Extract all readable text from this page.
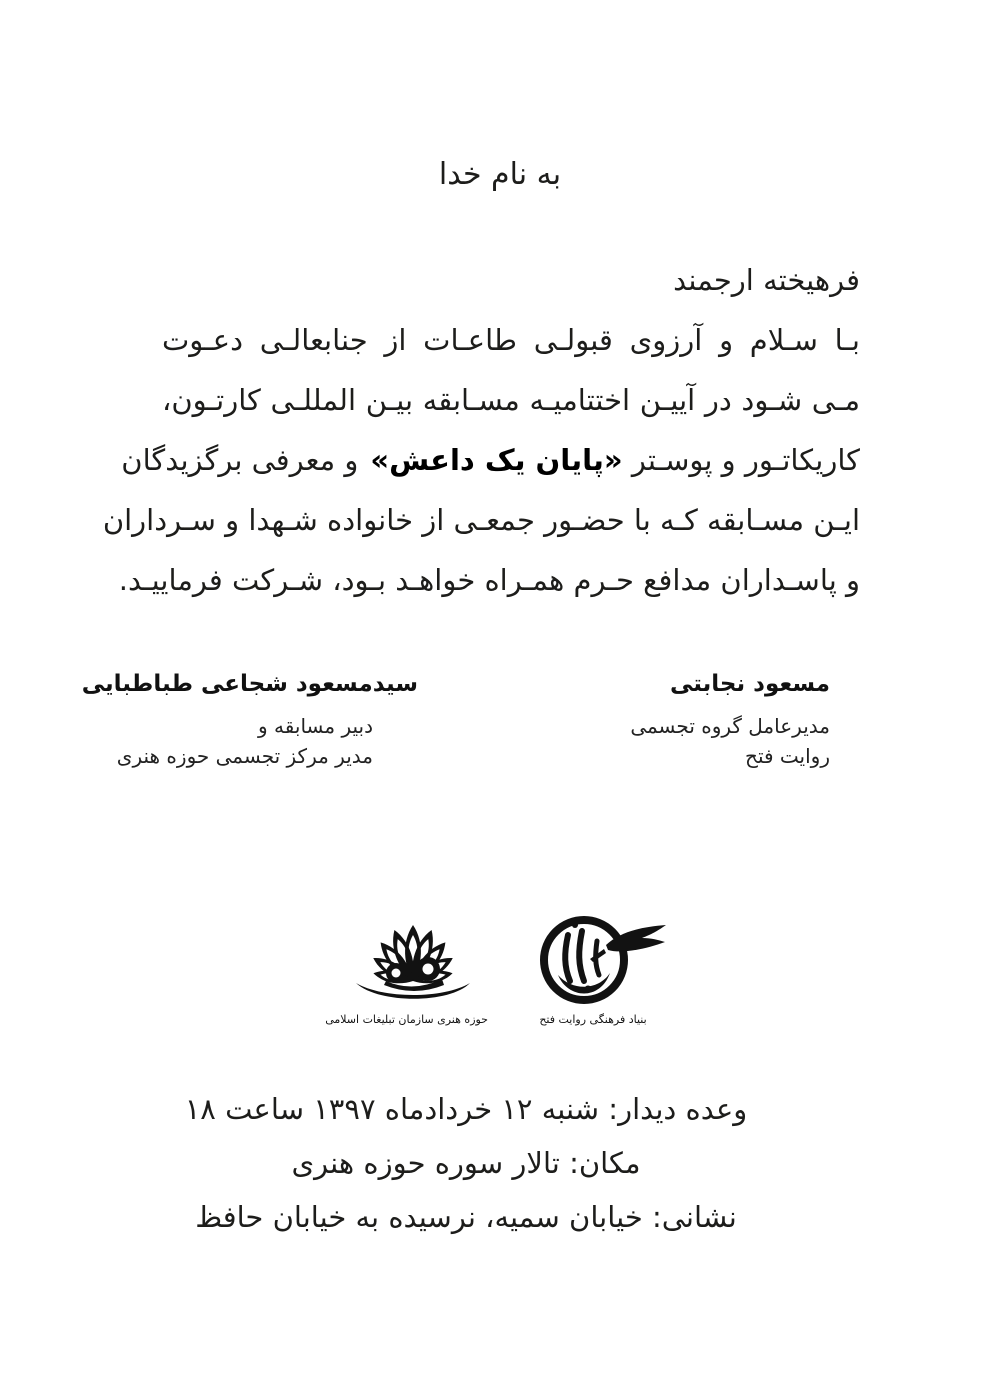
به نام خدا
فرهیخته ارجمند
بـا سـلام و آرزوی قبولـی طاعـات از جنابعالـی دعـوت
مـی شـود در آییـن اختتامیـه مسـابقه بیـن المللـی کارتـون،
کاریکاتـور و پوسـتر «پایان یک داعش»و معرفی برگزیدگان
ایـن مسـابقه کـه با حضـور جمعـی از خانواده شـهدا و سـرداران
و پاسـداران مدافع حـرم همـراه خواهـد بـود، شـرکت فرماییـد.
مسعود نجابتی
مدیرعامل گروه تجسمی
روایت فتح
سیدمسعود شجاعی طباطبایی
دبیر مسابقه و
مدیر مرکز تجسمی حوزه هنری
حوزه هنری سازمان تبلیغات اسلامی	بنیاد فرهنگی روایت فتح
وعده دیدار: شنبه ۱۲ خردادماه ۱۳۹۷ ساعت ۱۸
مکان: تالار سوره حوزه هنری
نشانی: خیابان سمیه، نرسیده به خیابان حافظ
